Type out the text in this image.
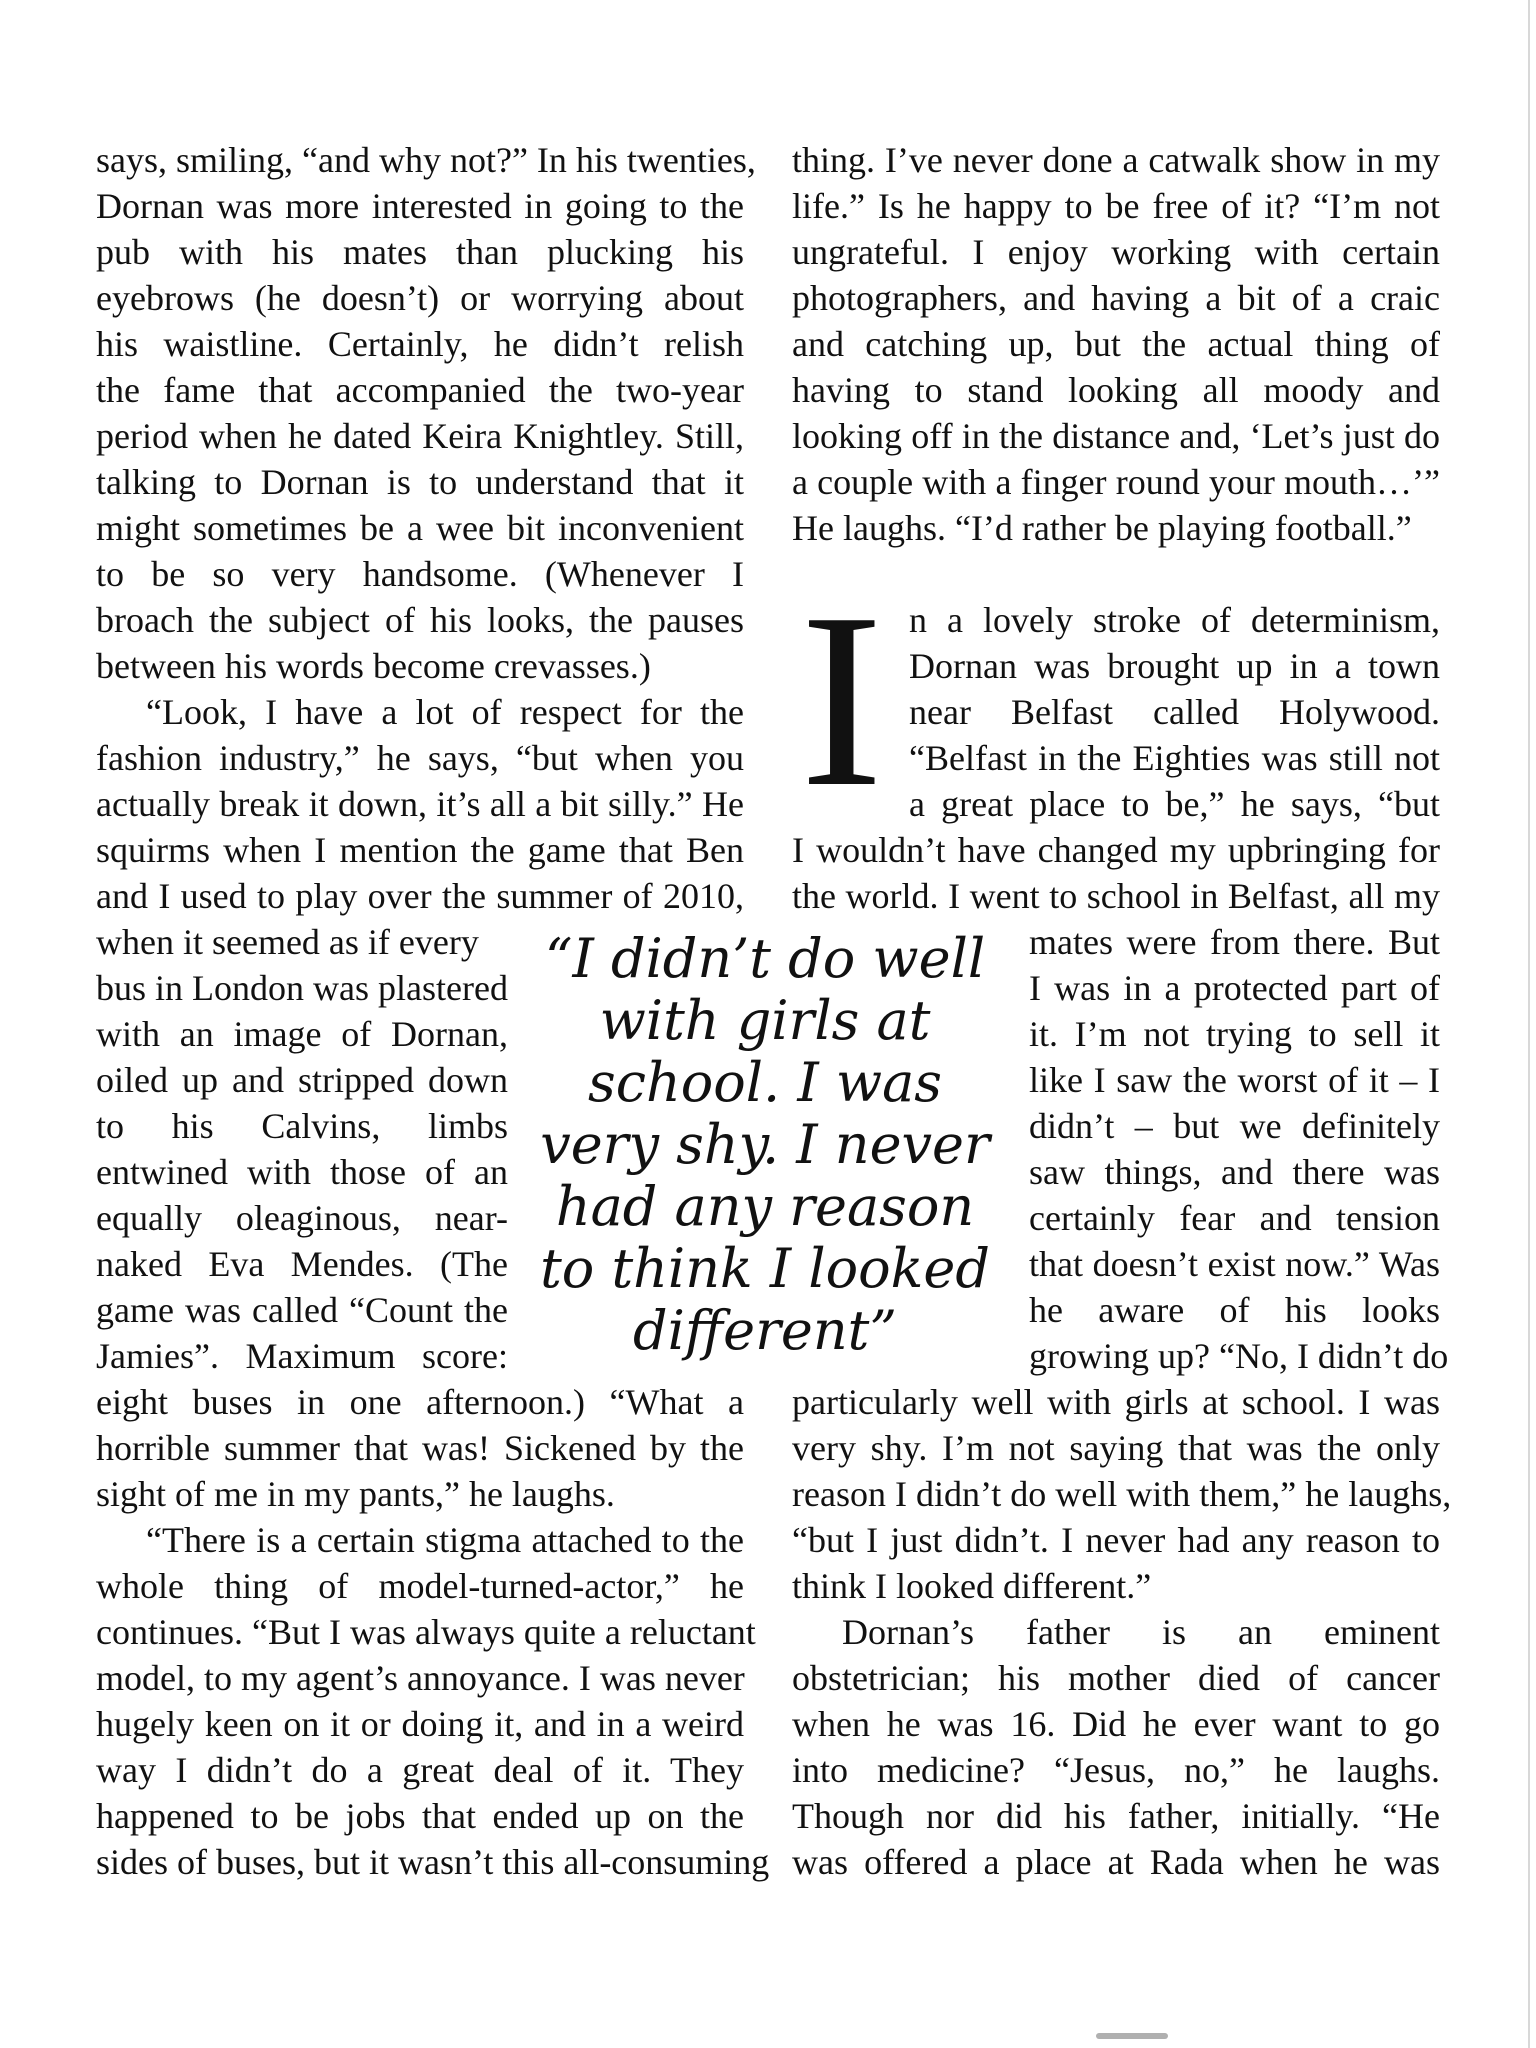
says, smiling, “and why not?” In his twenties,
Dornan was more interested in going to the
pub with his mates than plucking his
eyebrows (he doesn’t) or worrying about
his waistline. Certainly, he didn’t relish
the fame that accompanied the two-year
period when he dated Keira Knightley. Still,
talking to Dornan is to understand that it
might sometimes be a wee bit inconvenient
to be so very handsome. (Whenever I
broach the subject of his looks, the pauses
between his words become crevasses.)
“Look, I have a lot of respect for the
fashion industry,” he says, “but when you
actually break it down, it’s all a bit silly.” He
squirms when I mention the game that Ben
and I used to play over the summer of 2010,
when it seemed as if every
bus in London was plastered
with an image of Dornan,
oiled up and stripped down
to his Calvins, limbs
entwined with those of an
equally oleaginous, near-
naked Eva Mendes. (The
game was called “Count the
Jamies”. Maximum score:
eight buses in one afternoon.) “What a
horrible summer that was! Sickened by the
sight of me in my pants,” he laughs.
“There is a certain stigma attached to the
whole thing of model-turned-actor,” he
continues. “But I was always quite a reluctant
model, to my agent’s annoyance. I was never
hugely keen on it or doing it, and in a weird
way I didn’t do a great deal of it. They
happened to be jobs that ended up on the
sides of buses, but it wasn’t this all-consuming
thing. I’ve never done a catwalk show in my
life.” Is he happy to be free of it? “I’m not
ungrateful. I enjoy working with certain
photographers, and having a bit of a craic
and catching up, but the actual thing of
having to stand looking all moody and
looking off in the distance and, ‘Let’s just do
a couple with a finger round your mouth…’”
He laughs. “I’d rather be playing football.”
I n a lovely stroke of determinism,
Dornan was brought up in a town
near Belfast called Holywood.
“Belfast in the Eighties was still not
a great place to be,” he says, “but
I wouldn’t have changed my upbringing for
the world. I went to school in Belfast, all my
mates were from there. But
I was in a protected part of
it. I’m not trying to sell it
like I saw the worst of it – I
didn’t – but we definitely
saw things, and there was
certainly fear and tension
that doesn’t exist now.” Was
he aware of his looks
growing up? “No, I didn’t do
particularly well with girls at school. I was
very shy. I’m not saying that was the only
reason I didn’t do well with them,” he laughs,
“but I just didn’t. I never had any reason to
think I looked different.”
Dornan’s father is an eminent
obstetrician; his mother died of cancer
when he was 16. Did he ever want to go
into medicine? “Jesus, no,” he laughs.
Though nor did his father, initially. “He
was offered a place at Rada when he was
“I didn’t do well
with girls at
school. I was
very shy. I never
had any reason
to think I looked
different”
